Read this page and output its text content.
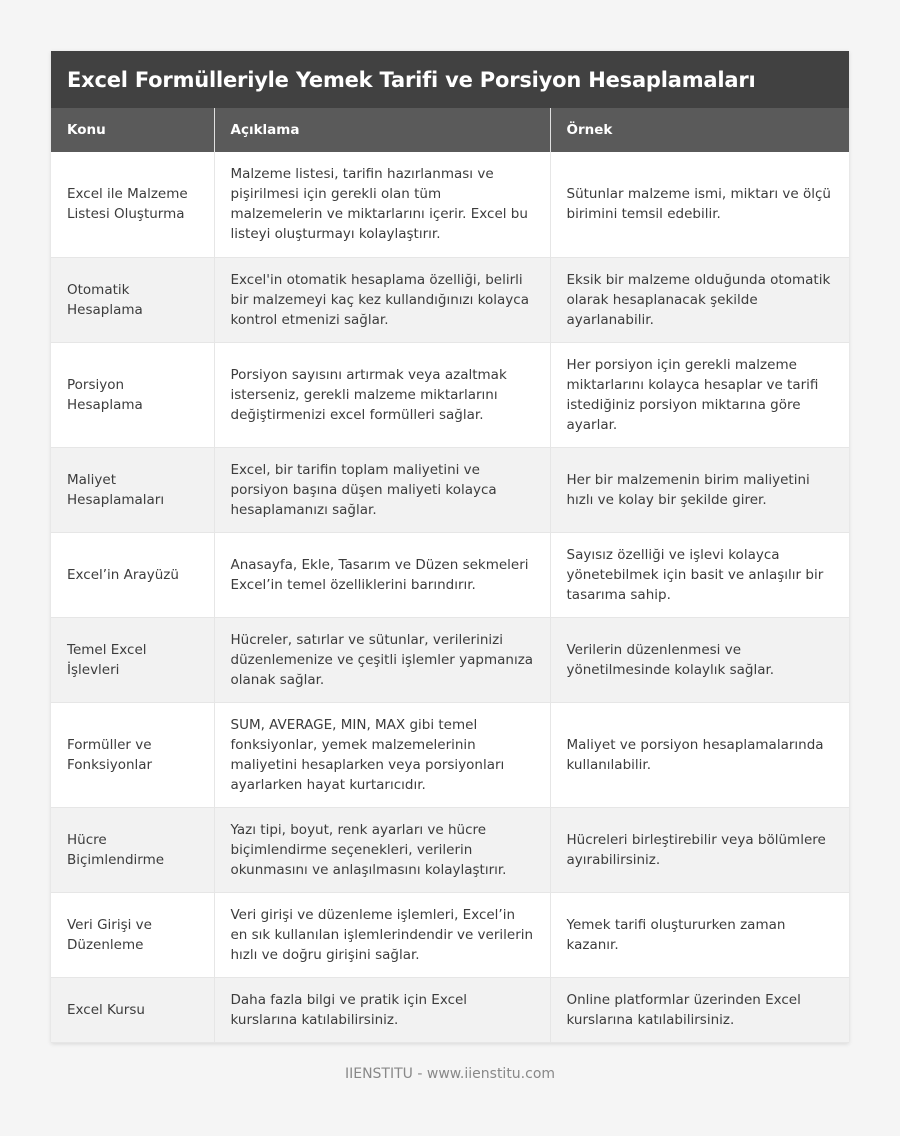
Excel Formülleriyle Yemek Tarifi ve Porsiyon Hesaplamaları
Konu	Açıklama	Örnek
Excel ile Malzeme Listesi Oluşturma	Malzeme listesi, tarifin hazırlanması ve pişirilmesi için gerekli olan tüm malzemelerin ve miktarlarını içerir. Excel bu listeyi oluşturmayı kolaylaştırır.	Sütunlar malzeme ismi, miktarı ve ölçü birimini temsil edebilir.
Otomatik Hesaplama	Excel'in otomatik hesaplama özelliği, belirli bir malzemeyi kaç kez kullandığınızı kolayca kontrol etmenizi sağlar.	Eksik bir malzeme olduğunda otomatik olarak hesaplanacak şekilde ayarlanabilir.
Porsiyon Hesaplama	Porsiyon sayısını artırmak veya azaltmak isterseniz, gerekli malzeme miktarlarını değiştirmenizi excel formülleri sağlar.	Her porsiyon için gerekli malzeme miktarlarını kolayca hesaplar ve tarifi istediğiniz porsiyon miktarına göre ayarlar.
Maliyet Hesaplamaları	Excel, bir tarifin toplam maliyetini ve porsiyon başına düşen maliyeti kolayca hesaplamanızı sağlar.	Her bir malzemenin birim maliyetini hızlı ve kolay bir şekilde girer.
Excel’in Arayüzü	Anasayfa, Ekle, Tasarım ve Düzen sekmeleri Excel’in temel özelliklerini barındırır.	Sayısız özelliği ve işlevi kolayca yönetebilmek için basit ve anlaşılır bir tasarıma sahip.
Temel Excel İşlevleri	Hücreler, satırlar ve sütunlar, verilerinizi düzenlemenize ve çeşitli işlemler yapmanıza olanak sağlar.	Verilerin düzenlenmesi ve yönetilmesinde kolaylık sağlar.
Formüller ve Fonksiyonlar	SUM, AVERAGE, MIN, MAX gibi temel fonksiyonlar, yemek malzemelerinin maliyetini hesaplarken veya porsiyonları ayarlarken hayat kurtarıcıdır.	Maliyet ve porsiyon hesaplamalarında kullanılabilir.
Hücre Biçimlendirme	Yazı tipi, boyut, renk ayarları ve hücre biçimlendirme seçenekleri, verilerin okunmasını ve anlaşılmasını kolaylaştırır.	Hücreleri birleştirebilir veya bölümlere ayırabilirsiniz.
Veri Girişi ve Düzenleme	Veri girişi ve düzenleme işlemleri, Excel’in en sık kullanılan işlemlerindendir ve verilerin hızlı ve doğru girişini sağlar.	Yemek tarifi oluştururken zaman kazanır.
Excel Kursu	Daha fazla bilgi ve pratik için Excel kurslarına katılabilirsiniz.	Online platformlar üzerinden Excel kurslarına katılabilirsiniz.
IIENSTITU - www.iienstitu.com
